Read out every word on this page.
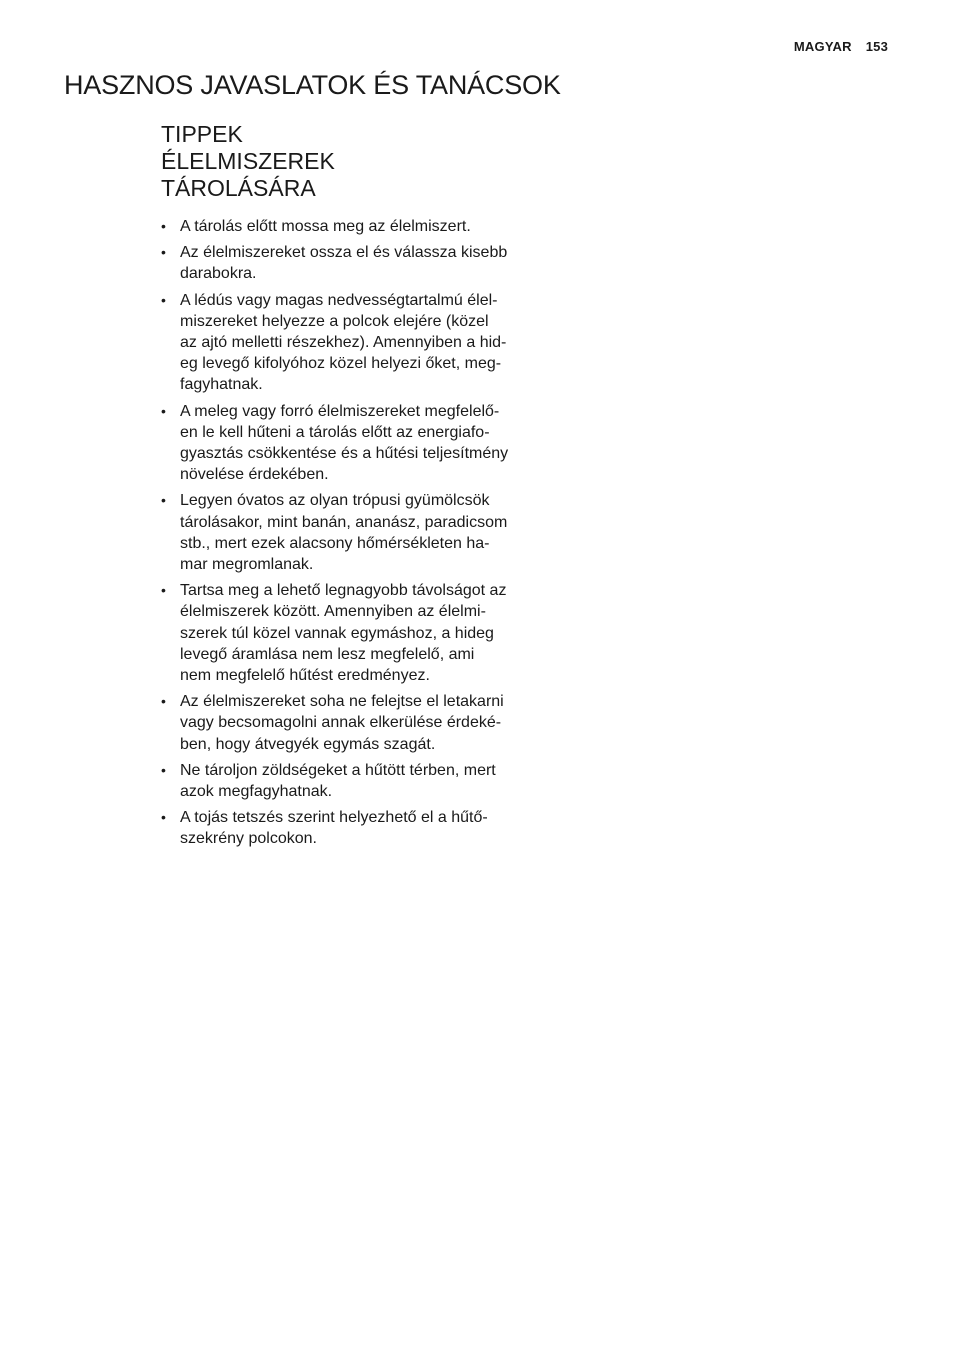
MAGYAR 153
HASZNOS JAVASLATOK ÉS TANÁCSOK
TIPPEK ÉLELMISZEREK
TÁROLÁSÁRA
• A tárolás előtt mossa meg az élelmiszert.
• Az élelmiszereket ossza el és válassza kisebb
darabokra.
• A lédús vagy magas nedvességtartalmú élel-
miszereket helyezze a polcok elejére (közel
az ajtó melletti részekhez). Amennyiben a hid-
eg levegő kifolyóhoz közel helyezi őket, meg-
fagyhatnak.
• A meleg vagy forró élelmiszereket megfelelő-
en le kell hűteni a tárolás előtt az energiafo-
gyasztás csökkentése és a hűtési teljesítmény
növelése érdekében.
• Legyen óvatos az olyan trópusi gyümölcsök
tárolásakor, mint banán, ananász, paradicsom
stb., mert ezek alacsony hőmérsékleten ha-
mar megromlanak.
• Tartsa meg a lehető legnagyobb távolságot az
élelmiszerek között. Amennyiben az élelmi-
szerek túl közel vannak egymáshoz, a hideg
levegő áramlása nem lesz megfelelő, ami
nem megfelelő hűtést eredményez.
• Az élelmiszereket soha ne felejtse el letakarni
vagy becsomagolni annak elkerülése érdeké-
ben, hogy átvegyék egymás szagát.
• Ne tároljon zöldségeket a hűtött térben, mert
azok megfagyhatnak.
• A tojás tetszés szerint helyezhető el a hűtő-
szekrény polcokon.
